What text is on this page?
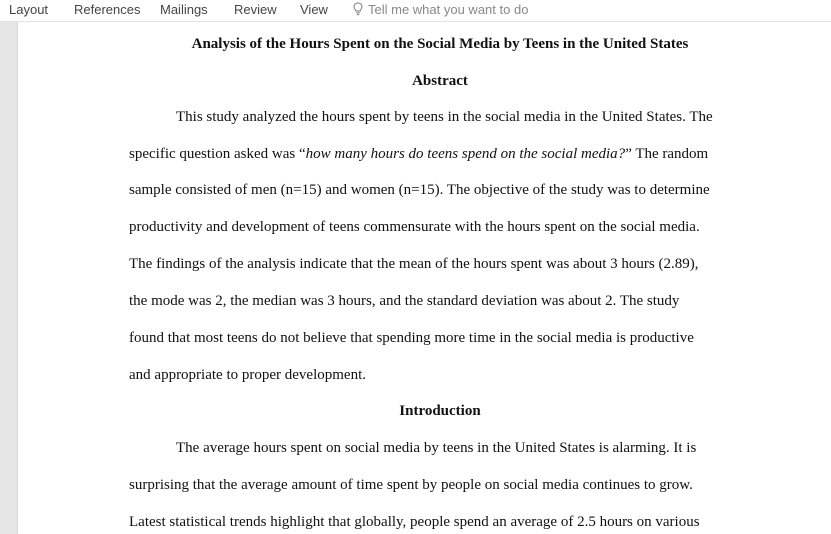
Layout References Mailings Review View	Tell me what you want to do
Analysis of the Hours Spent on the Social Media by Teens in the United States
Abstract
This study analyzed the hours spent by teens in the social media in the United States. The
specific question asked was “how many hours do teens spend on the social media?” The random
sample consisted of men (n=15) and women (n=15). The objective of the study was to determine
productivity and development of teens commensurate with the hours spent on the social media.
The findings of the analysis indicate that the mean of the hours spent was about 3 hours (2.89),
the mode was 2, the median was 3 hours, and the standard deviation was about 2. The study
found that most teens do not believe that spending more time in the social media is productive
and appropriate to proper development.
Introduction
The average hours spent on social media by teens in the United States is alarming. It is
surprising that the average amount of time spent by people on social media continues to grow.
Latest statistical trends highlight that globally, people spend an average of 2.5 hours on various
